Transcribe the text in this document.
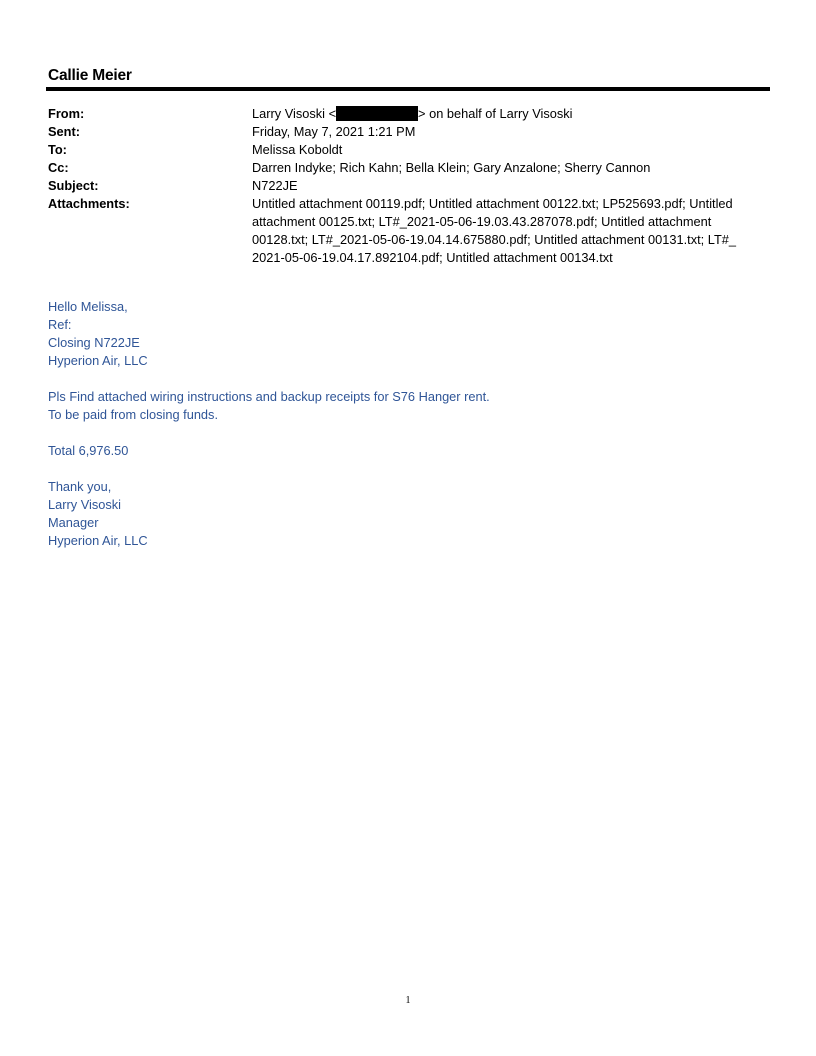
Callie Meier
From:	Larry Visoski <	> on behalf of Larry Visoski
Sent:	Friday, May 7, 2021 1:21 PM
To:	Melissa Koboldt
Cc:	Darren Indyke; Rich Kahn; Bella Klein; Gary Anzalone; Sherry Cannon
Subject:	N722JE
Attachments:	Untitled attachment 00119.pdf; Untitled attachment 00122.txt; LP525693.pdf; Untitled attachment 00125.txt; LT#_2021-05-06-19.03.43.287078.pdf; Untitled attachment 00128.txt; LT#_2021-05-06-19.04.14.675880.pdf; Untitled attachment 00131.txt; LT#_ 2021-05-06-19.04.17.892104.pdf; Untitled attachment 00134.txt

Hello Melissa,
Ref:
Closing N722JE
Hyperion Air, LLC

Pls Find attached wiring instructions and backup receipts for S76 Hanger rent.
To be paid from closing funds.

Total 6,976.50

Thank you,
Larry Visoski
Manager
Hyperion Air, LLC

1
